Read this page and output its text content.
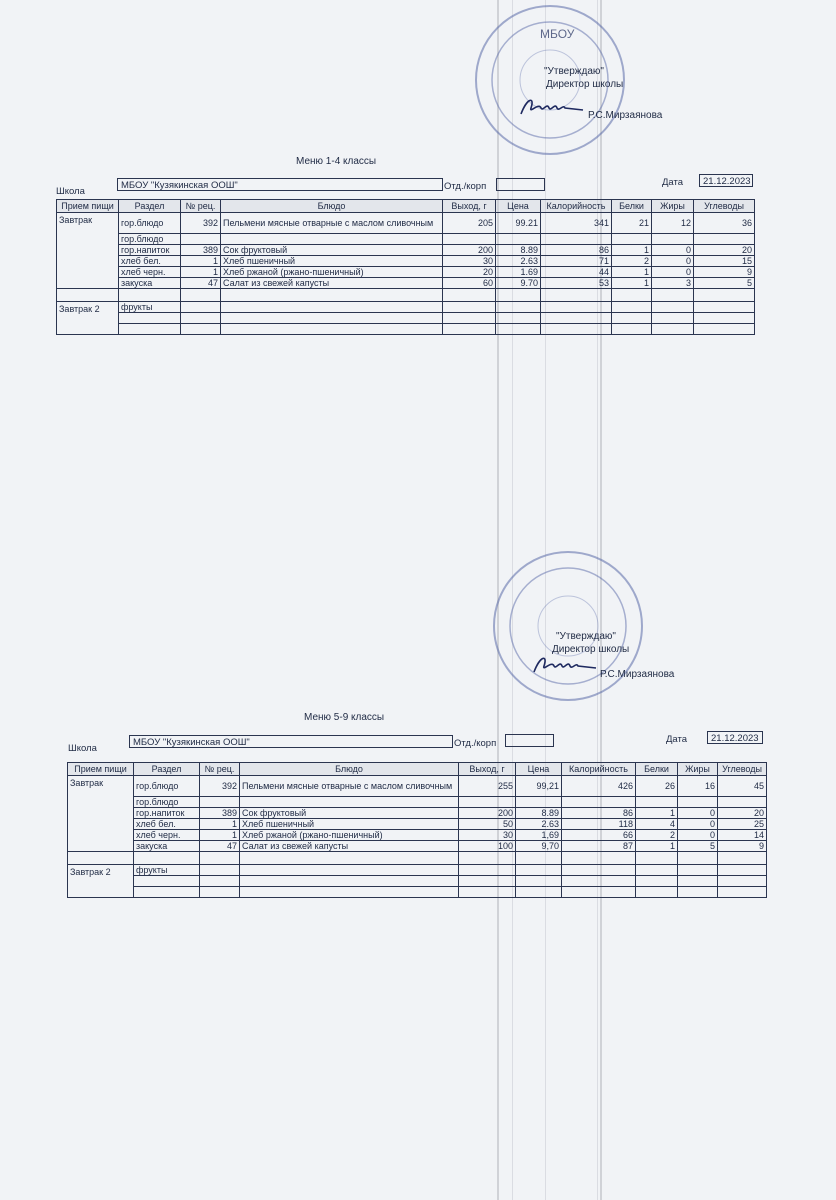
МБОУ
"Утверждаю"
Директор школы
Р.С.Мирзаянова
Меню 1-4 классы
Школа
МБОУ "Кузякинская ООШ"	Отд./корп	Дата	21.12.2023
Прием пищи	Раздел	№ рец.	Блюдо	Выход, г	Цена	Калорийность	Белки	Жиры	Углеводы
Завтрак	гор.блюдо	392	Пельмени мясные отварные с маслом сливочным	205	99.21	341	21	12	36
	гор.блюдо								
	гор.напиток	389	Сок фруктовый	200	8.89	86	1	0	20
	хлеб бел.	1	Хлеб пшеничный	30	2.63	71	2	0	15
	хлеб черн.	1	Хлеб ржаной (ржано-пшеничный)	20	1.69	44	1	0	9
	закуска	47	Салат из свежей капусты	60	9.70	53	1	3	5

Завтрак 2	фрукты								

"Утверждаю"
Директор школы
Р.С.Мирзаянова
Меню 5-9 классы
Школа
МБОУ "Кузякинская ООШ"	Отд./корп	Дата	21.12.2023
Прием пищи	Раздел	№ рец.	Блюдо	Выход, г	Цена	Калорийность	Белки	Жиры	Углеводы
Завтрак	гор.блюдо	392	Пельмени мясные отварные с маслом сливочным	255	99,21	426	26	16	45
	гор.блюдо								
	гор.напиток	389	Сок фруктовый	200	8.89	86	1	0	20
	хлеб бел.	1	Хлеб пшеничный	50	2.63	118	4	0	25
	хлеб черн.	1	Хлеб ржаной (ржано-пшеничный)	30	1,69	66	2	0	14
	закуска	47	Салат из свежей капусты	100	9,70	87	1	5	9

Завтрак 2	фрукты								
